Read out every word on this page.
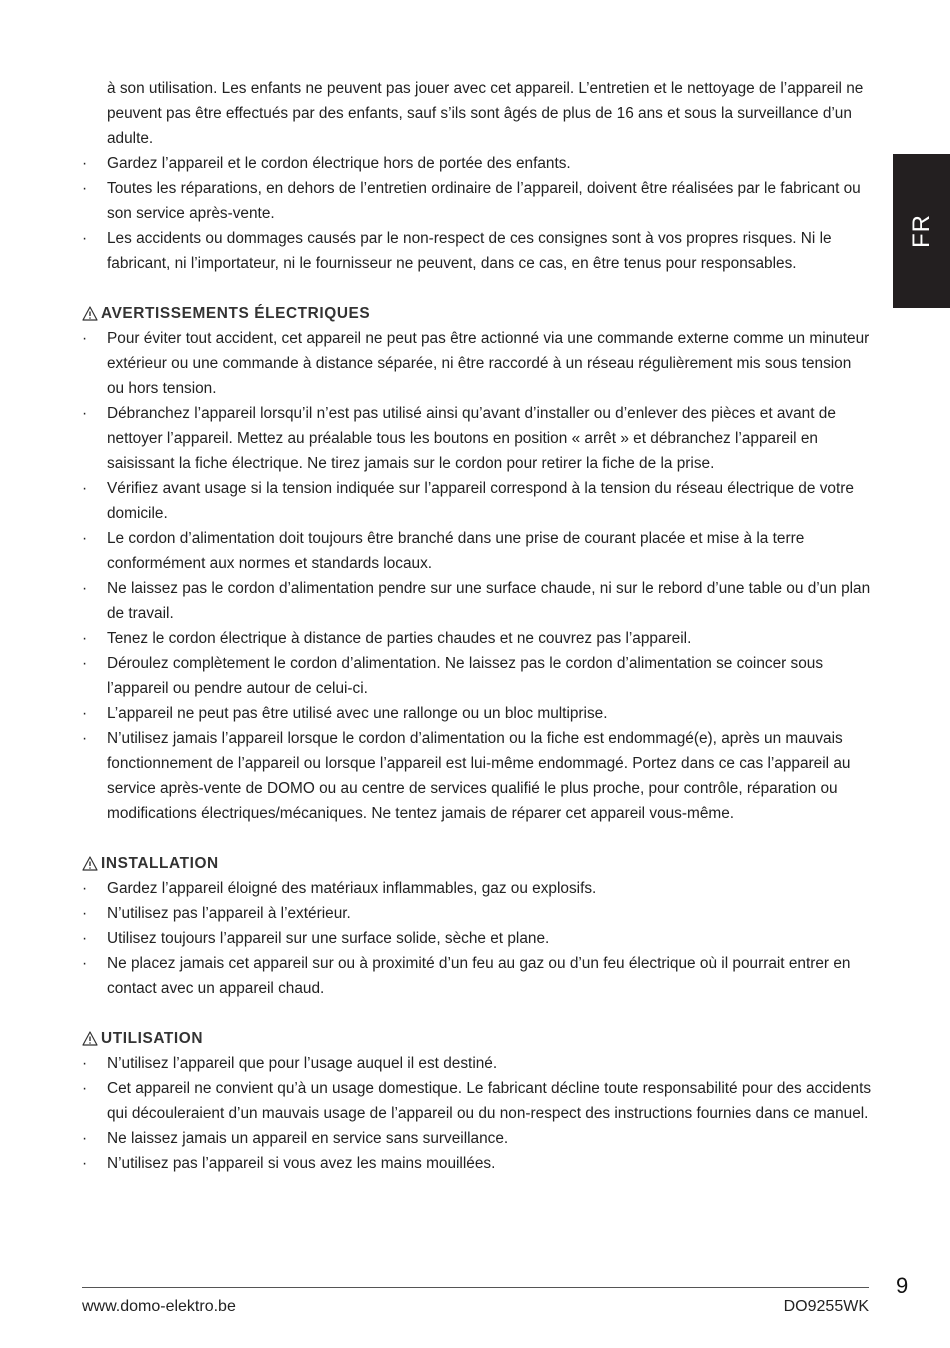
FR

à son utilisation. Les enfants ne peuvent pas jouer avec cet appareil. L’entretien et le nettoyage de l’appareil ne peuvent pas être effectués par des enfants, sauf s’ils sont âgés de plus de 16 ans et sous la surveillance d’un adulte.

·	Gardez l’appareil et le cordon électrique hors de portée des enfants.
·	Toutes les réparations, en dehors de l’entretien ordinaire de l’appareil, doivent être réalisées par le fabricant ou son service après-vente.
·	Les accidents ou dommages causés par le non-respect de ces consignes sont à vos propres risques. Ni le fabricant, ni l’importateur, ni le fournisseur ne peuvent, dans ce cas, en être tenus pour responsables.
AVERTISSEMENTS ÉLECTRIQUES
·	Pour éviter tout accident, cet appareil ne peut pas être actionné via une commande externe comme un minuteur extérieur ou une commande à distance séparée, ni être raccordé à un réseau régulièrement mis sous tension ou hors tension.
·	Débranchez l’appareil lorsqu’il n’est pas utilisé ainsi qu’avant d’installer ou d’enlever des pièces et avant de nettoyer l’appareil. Mettez au préalable tous les boutons en position « arrêt » et débranchez l’appareil en saisissant la fiche électrique. Ne tirez jamais sur le cordon pour retirer la fiche de la prise.
·	Vérifiez avant usage si la tension indiquée sur l’appareil correspond à la tension du réseau électrique de votre domicile.
·	Le cordon d’alimentation doit toujours être branché dans une prise de courant placée et mise à la terre conformément aux normes et standards locaux.
·	Ne laissez pas le cordon d’alimentation pendre sur une surface chaude, ni sur le rebord d’une table ou d’un plan de travail.
·	Tenez le cordon électrique à distance de parties chaudes et ne couvrez pas l’appareil.
·	Déroulez complètement le cordon d’alimentation. Ne laissez pas le cordon d’alimentation se coincer sous l’appareil ou pendre autour de celui-ci.
·	L’appareil ne peut pas être utilisé avec une rallonge ou un bloc multiprise.
·	N’utilisez jamais l’appareil lorsque le cordon d’alimentation ou la fiche est endommagé(e), après un mauvais fonctionnement de l’appareil ou lorsque l’appareil est lui-même endommagé. Portez dans ce cas l’appareil au service après-vente de DOMO ou au centre de services qualifié le plus proche, pour contrôle, réparation ou modifications électriques/mécaniques. Ne tentez jamais de réparer cet appareil vous-même.
INSTALLATION
·	Gardez l’appareil éloigné des matériaux inflammables, gaz ou explosifs.
·	N’utilisez pas l’appareil à l’extérieur.
·	Utilisez toujours l’appareil sur une surface solide, sèche et plane.
·	Ne placez jamais cet appareil sur ou à proximité d’un feu au gaz ou d’un feu électrique où il pourrait entrer en contact avec un appareil chaud.
UTILISATION
·	N’utilisez l’appareil que pour l’usage auquel il est destiné.
·	Cet appareil ne convient qu’à un usage domestique. Le fabricant décline toute responsabilité pour des accidents qui découleraient d’un mauvais usage de l’appareil ou du non-respect des instructions fournies dans ce manuel.
·	Ne laissez jamais un appareil en service sans surveillance.
·	N’utilisez pas l’appareil si vous avez les mains mouillées.
9
www.domo-elektro.be	DO9255WK
